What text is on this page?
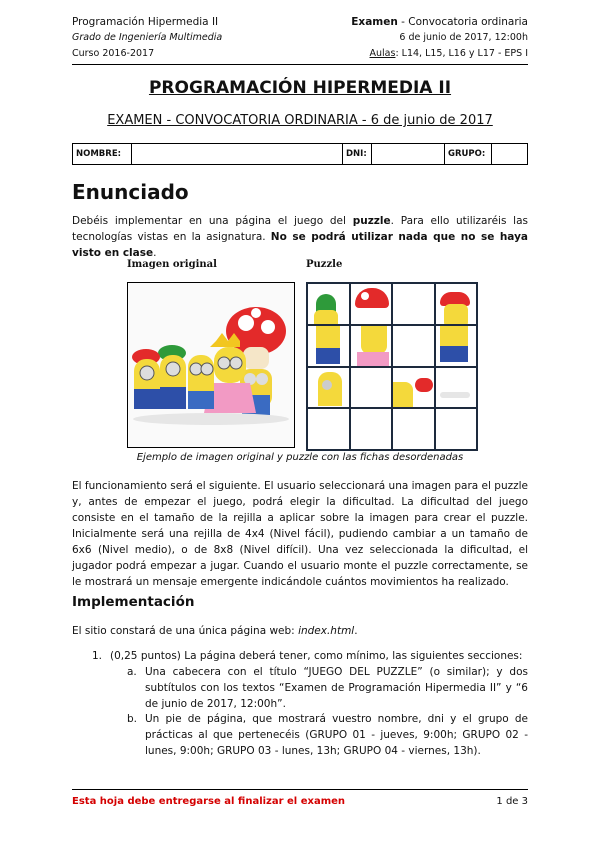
Programación Hipermedia II
Grado de Ingeniería Multimedia
Curso 2016-2017
Examen - Convocatoria ordinaria
6 de junio de 2017, 12:00h
Aulas: L14, L15, L16 y L17 - EPS I
PROGRAMACIÓN HIPERMEDIA II
EXAMEN - CONVOCATORIA ORDINARIA - 6 de junio de 2017
NOMBRE:		DNI:		GRUPO:	
Enunciado
Debéis implementar en una página el juego del puzzle. Para ello utilizaréis las tecnologías vistas en la asignatura. No se podrá utilizar nada que no se haya visto en clase.
Imagen original	Puzzle
Ejemplo de imagen original y puzzle con las fichas desordenadas
El funcionamiento será el siguiente. El usuario seleccionará una imagen para el puzzle y, antes de empezar el juego, podrá elegir la dificultad. La dificultad del juego consiste en el tamaño de la rejilla a aplicar sobre la imagen para crear el puzzle. Inicialmente será una rejilla de 4x4 (Nivel fácil), pudiendo cambiar a un tamaño de 6x6 (Nivel medio), o de 8x8 (Nivel difícil). Una vez seleccionada la dificultad, el jugador podrá empezar a jugar. Cuando el usuario monte el puzzle correctamente, se le mostrará un mensaje emergente indicándole cuántos movimientos ha realizado.
Implementación
El sitio constará de una única página web: index.html.
1. (0,25 puntos) La página deberá tener, como mínimo, las siguientes secciones:
a. Una cabecera con el título “JUEGO DEL PUZZLE” (o similar); y dos subtítulos con los textos “Examen de Programación Hipermedia II” y “6 de junio de 2017, 12:00h”.
b. Un pie de página, que mostrará vuestro nombre, dni y el grupo de prácticas al que pertenecéis (GRUPO 01 - jueves, 9:00h; GRUPO 02 - lunes, 9:00h; GRUPO 03 - lunes, 13h; GRUPO 04 - viernes, 13h).
Esta hoja debe entregarse al finalizar el examen	1 de 3
